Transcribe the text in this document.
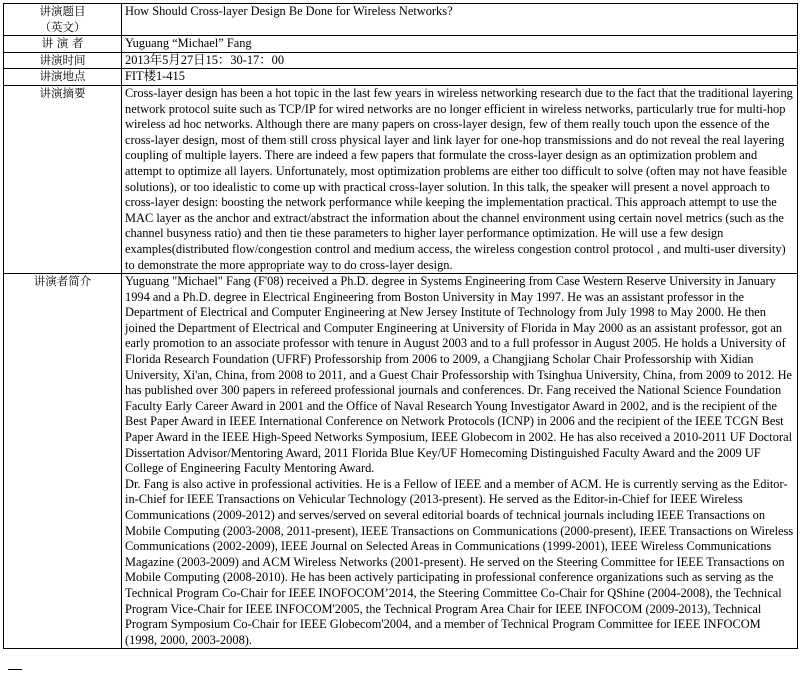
讲演题目
（英文）	How Should Cross-layer Design Be Done for Wireless Networks?
讲 演 者	Yuguang “Michael” Fang
讲演时间	2013年5月27日15：30-17：00
讲演地点	FIT楼1-415
讲演摘要	Cross-layer design has been a hot topic in the last few years in wireless networking research due to the fact that the traditional layering network protocol suite such as TCP/IP for wired networks are no longer efficient in wireless networks, particularly true for multi-hop wireless ad hoc networks. Although there are many papers on cross-layer design, few of them really touch upon the essence of the cross-layer design, most of them still cross physical layer and link layer for one-hop transmissions and do not reveal the real layering coupling of multiple layers. There are indeed a few papers that formulate the cross-layer design as an optimization problem and attempt to optimize all layers. Unfortunately, most optimization problems are either too difficult to solve (often may not have feasible solutions), or too idealistic to come up with practical cross-layer solution. In this talk, the speaker will present a novel approach to cross-layer design: boosting the network performance while keeping the implementation practical. This approach attempt to use the MAC layer as the anchor and extract/abstract the information about the channel environment using certain novel metrics (such as the channel busyness ratio) and then tie these parameters to higher layer performance optimization. He will use a few design examples(distributed flow/congestion control and medium access, the wireless congestion control protocol , and multi-user diversity) to demonstrate the more appropriate way to do cross-layer design.
讲演者简介	Yuguang "Michael" Fang (F'08) received a Ph.D. degree in Systems Engineering from Case Western Reserve University in January 1994 and a Ph.D. degree in Electrical Engineering from Boston University in May 1997. He was an assistant professor in the Department of Electrical and Computer Engineering at New Jersey Institute of Technology from July 1998 to May 2000. He then joined the Department of Electrical and Computer Engineering at University of Florida in May 2000 as an assistant professor, got an early promotion to an associate professor with tenure in August 2003 and to a full professor in August 2005. He holds a University of Florida Research Foundation (UFRF) Professorship from 2006 to 2009, a Changjiang Scholar Chair Professorship with Xidian University, Xi'an, China, from 2008 to 2011, and a Guest Chair Professorship with Tsinghua University, China, from 2009 to 2012. He has published over 300 papers in refereed professional journals and conferences. Dr. Fang received the National Science Foundation Faculty Early Career Award in 2001 and the Office of Naval Research Young Investigator Award in 2002, and is the recipient of the Best Paper Award in IEEE International Conference on Network Protocols (ICNP) in 2006 and the recipient of the IEEE TCGN Best Paper Award in the IEEE High-Speed Networks Symposium, IEEE Globecom in 2002. He has also received a 2010-2011 UF Doctoral Dissertation Advisor/Mentoring Award, 2011 Florida Blue Key/UF Homecoming Distinguished Faculty Award and the 2009 UF College of Engineering Faculty Mentoring Award.
Dr. Fang is also active in professional activities. He is a Fellow of IEEE and a member of ACM. He is currently serving as the Editor-in-Chief for IEEE Transactions on Vehicular Technology (2013-present). He served as the Editor-in-Chief for IEEE Wireless Communications (2009-2012) and serves/served on several editorial boards of technical journals including IEEE Transactions on Mobile Computing (2003-2008, 2011-present), IEEE Transactions on Communications (2000-present), IEEE Transactions on Wireless Communications (2002-2009), IEEE Journal on Selected Areas in Communications (1999-2001), IEEE Wireless Communications Magazine (2003-2009) and ACM Wireless Networks (2001-present). He served on the Steering Committee for IEEE Transactions on Mobile Computing (2008-2010). He has been actively participating in professional conference organizations such as serving as the Technical Program Co-Chair for IEEE INOFOCOM’2014, the Steering Committee Co-Chair for QShine (2004-2008), the Technical Program Vice-Chair for IEEE INFOCOM'2005, the Technical Program Area Chair for IEEE INFOCOM (2009-2013), Technical Program Symposium Co-Chair for IEEE Globecom'2004, and a member of Technical Program Committee for IEEE INFOCOM (1998, 2000, 2003-2008).
